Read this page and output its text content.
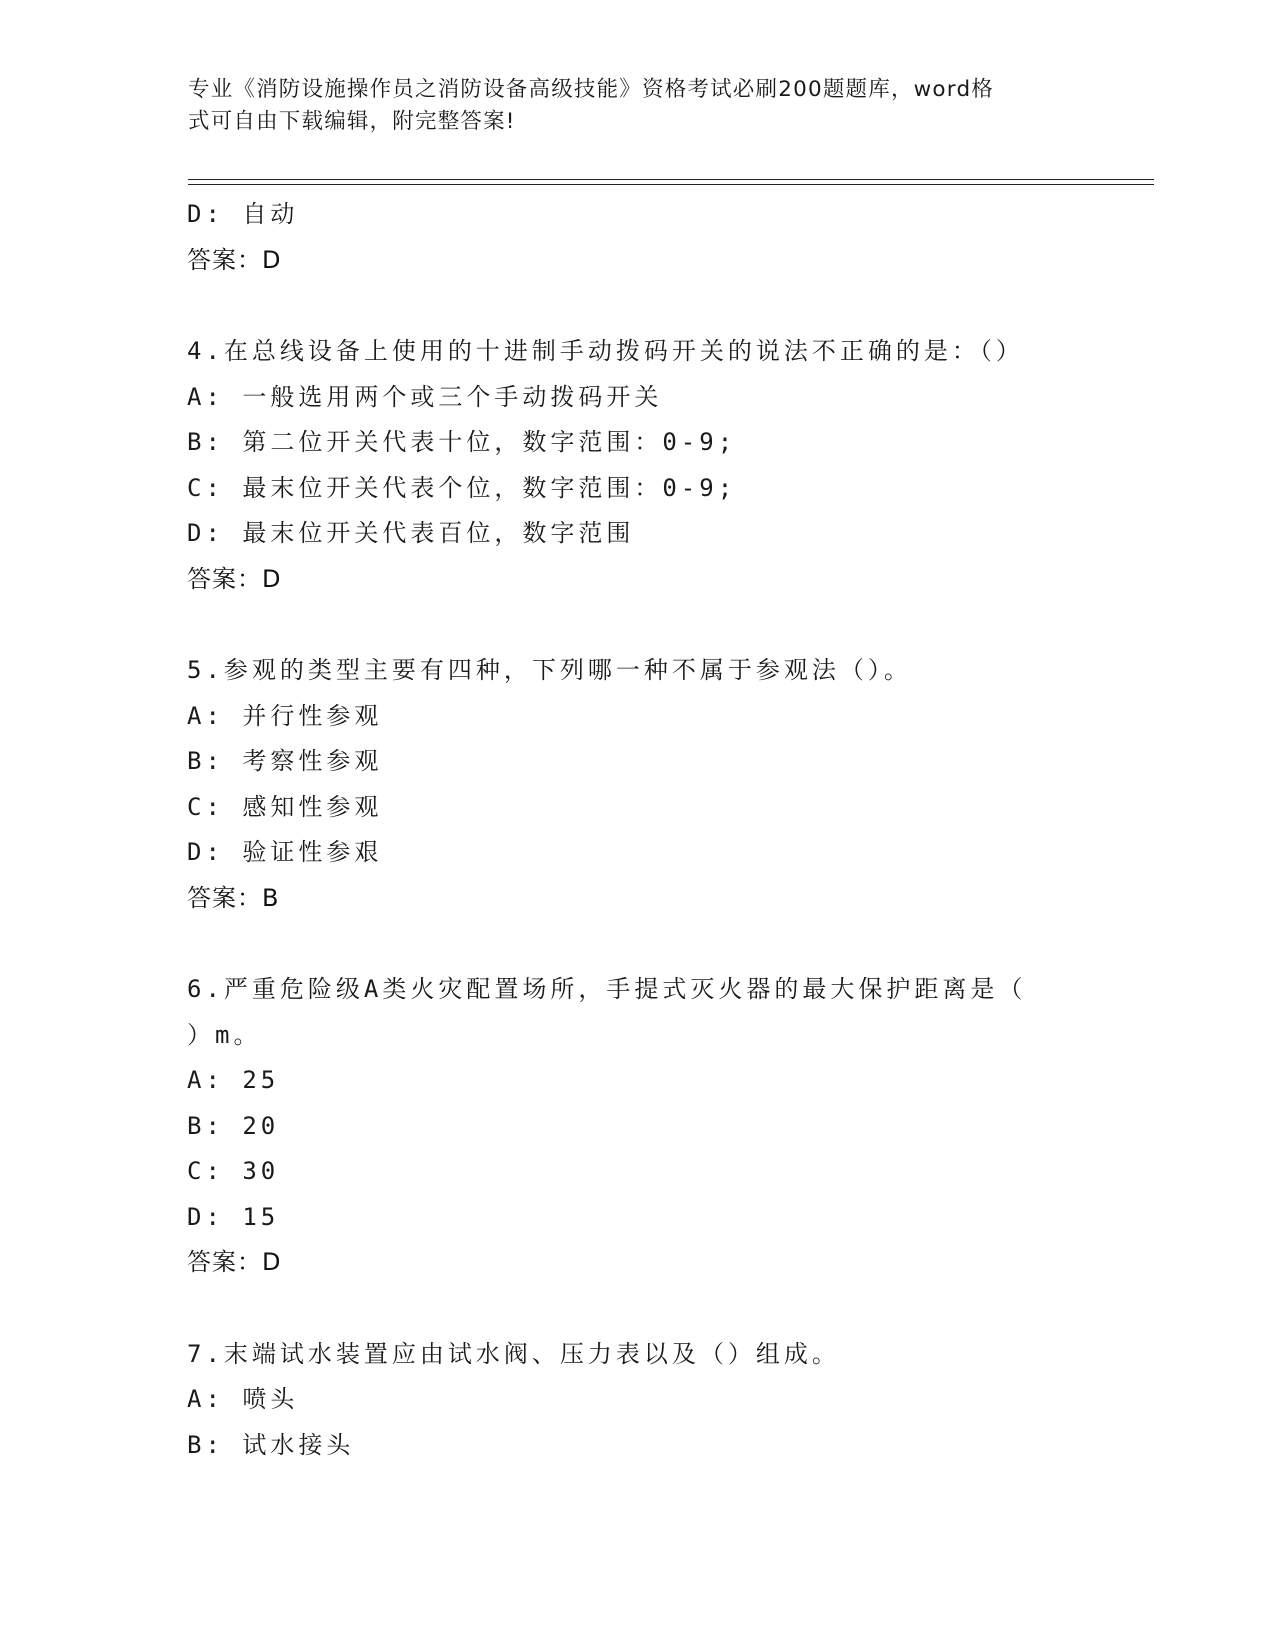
专业《消防设施操作员之消防设备高级技能》资格考试必刷200题题库，word格
式可自由下载编辑，附完整答案!
D: 自动
答案：D
4.在总线设备上使用的十进制手动拨码开关的说法不正确的是：（）
A: 一般选用两个或三个手动拨码开关
B: 第二位开关代表十位，数字范围：0-9;
C: 最末位开关代表个位，数字范围：0-9;
D: 最末位开关代表百位，数字范围
答案：D
5.参观的类型主要有四种，下列哪一种不属于参观法（）。
A: 并行性参观
B: 考察性参观
C: 感知性参观
D: 验证性参艰
答案：B
6.严重危险级A类火灾配置场所，手提式灭火器的最大保护距离是（
）m。
A: 25
B: 20
C: 30
D: 15
答案：D
7.末端试水装置应由试水阀、压力表以及（）组成。
A: 喷头
B: 试水接头
